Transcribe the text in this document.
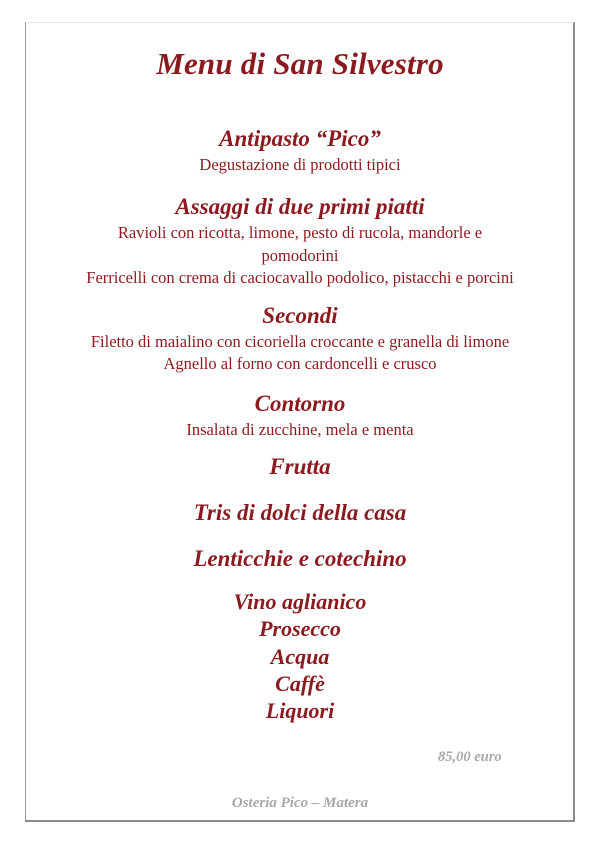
Menu di San Silvestro
Antipasto “Pico”
Degustazione di prodotti tipici
Assaggi di due primi piatti
Ravioli con ricotta, limone, pesto di rucola, mandorle e
pomodorini
Ferricelli con crema di caciocavallo podolico, pistacchi e porcini
Secondi
Filetto di maialino con cicoriella croccante e granella di limone
Agnello al forno con cardoncelli e crusco
Contorno
Insalata di zucchine, mela e menta
Frutta
Tris di dolci della casa
Lenticchie e cotechino
Vino aglianico
Prosecco
Acqua
Caffè
Liquori
85,00 euro
Osteria Pico – Matera
